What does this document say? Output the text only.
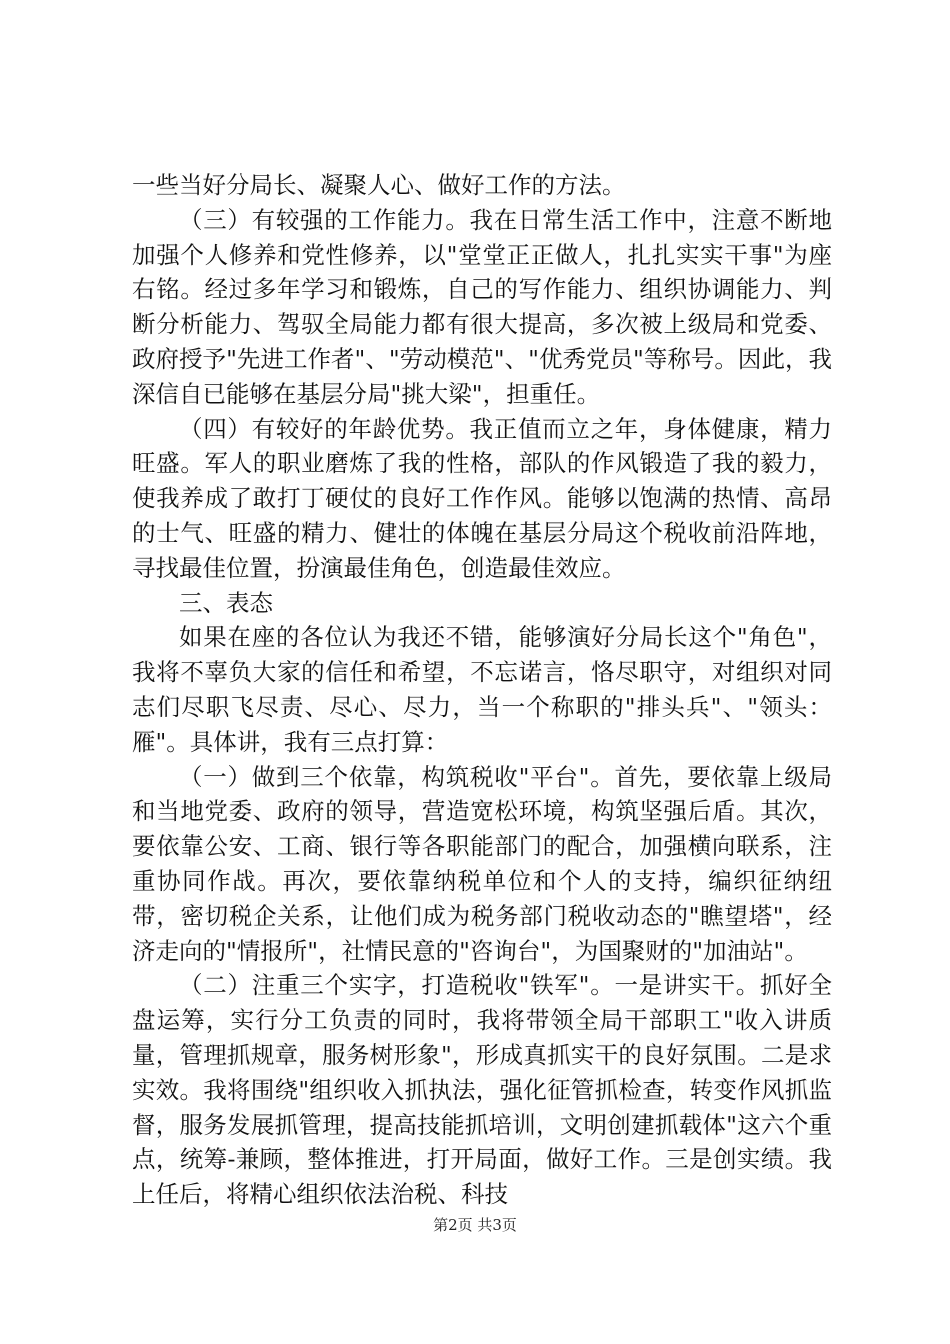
一些当好分局长、凝聚人心、做好工作的方法。

（三）有较强的工作能力。我在日常生活工作中，注意不断地加强个人修养和党性修养，以"堂堂正正做人，扎扎实实干事"为座右铭。经过多年学习和锻炼，自己的写作能力、组织协调能力、判断分析能力、驾驭全局能力都有很大提高，多次被上级局和党委、政府授予"先进工作者"、"劳动模范"、"优秀党员"等称号。因此，我深信自已能够在基层分局"挑大梁"，担重任。

（四）有较好的年龄优势。我正值而立之年，身体健康，精力旺盛。军人的职业磨炼了我的性格，部队的作风锻造了我的毅力，使我养成了敢打丁硬仗的良好工作作风。能够以饱满的热情、高昂的士气、旺盛的精力、健壮的体魄在基层分局这个税收前沿阵地，寻找最佳位置，扮演最佳角色，创造最佳效应。

三、表态

如果在座的各位认为我还不错，能够演好分局长这个"角色"，我将不辜负大家的信任和希望，不忘诺言，恪尽职守，对组织对同志们尽职飞尽责、尽心、尽力，当一个称职的"排头兵"、"领头：雁"。具体讲，我有三点打算：

（一）做到三个依靠，构筑税收"平台"。首先，要依靠上级局和当地党委、政府的领导，营造宽松环境，构筑坚强后盾。其次，要依靠公安、工商、银行等各职能部门的配合，加强横向联系，注重协同作战。再次，要依靠纳税单位和个人的支持，编织征纳纽带，密切税企关系，让他们成为税务部门税收动态的"瞧望塔"，经济走向的"情报所"，社情民意的"咨询台"，为国聚财的"加油站"。

（二）注重三个实字，打造税收"铁军"。一是讲实干。抓好全盘运筹，实行分工负责的同时，我将带领全局干部职工"收入讲质量，管理抓规章，服务树形象"，形成真抓实干的良好氛围。二是求实效。我将围绕"组织收入抓执法，强化征管抓检查，转变作风抓监督，服务发展抓管理，提高技能抓培训，文明创建抓载体"这六个重点，统筹-兼顾，整体推进，打开局面，做好工作。三是创实绩。我上任后，将精心组织依法治税、科技

第2页 共3页
